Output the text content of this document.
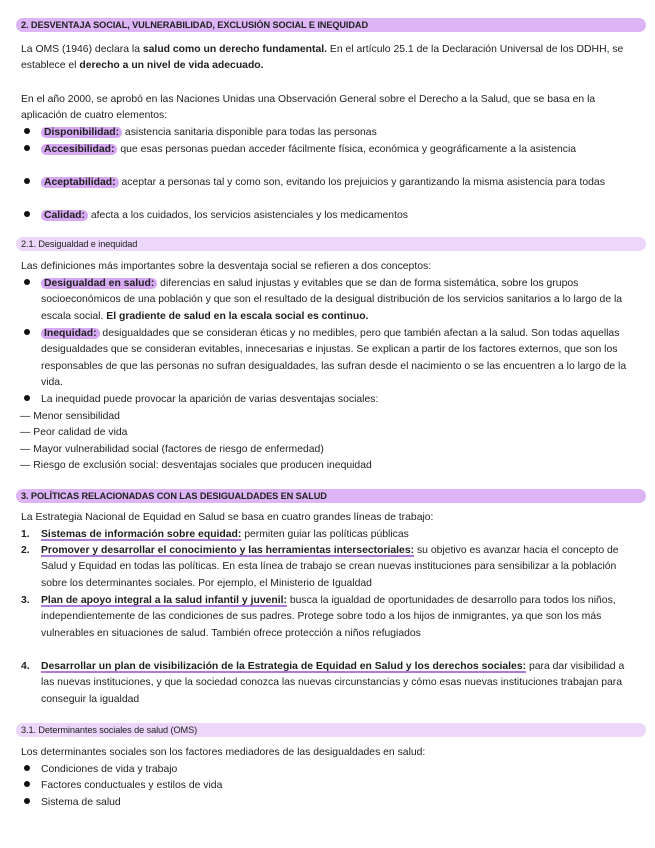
2. DESVENTAJA SOCIAL, VULNERABILIDAD, EXCLUSIÓN SOCIAL E INEQUIDAD
La OMS (1946) declara la salud como un derecho fundamental. En el artículo 25.1 de la Declaración Universal de los DDHH, se establece el derecho a un nivel de vida adecuado.
En el año 2000, se aprobó en las Naciones Unidas una Observación General sobre el Derecho a la Salud, que se basa en la aplicación de cuatro elementos:
Disponibilidad: asistencia sanitaria disponible para todas las personas
Accesibilidad: que esas personas puedan acceder fácilmente física, económica y geográficamente a la asistencia
Aceptabilidad: aceptar a personas tal y como son, evitando los prejuicios y garantizando la misma asistencia para todas
Calidad: afecta a los cuidados, los servicios asistenciales y los medicamentos
2.1. Desigualdad e inequidad
Las definiciones más importantes sobre la desventaja social se refieren a dos conceptos:
Desigualdad en salud: diferencias en salud injustas y evitables que se dan de forma sistemática, sobre los grupos socioeconómicos de una población y que son el resultado de la desigual distribución de los servicios sanitarios a lo largo de la escala social. El gradiente de salud en la escala social es continuo.
Inequidad: desigualdades que se consideran éticas y no medibles, pero que también afectan a la salud. Son todas aquellas desigualdades que se consideran evitables, innecesarias e injustas. Se explican a partir de los factores externos, que son los responsables de que las personas no sufran desigualdades, las sufran desde el nacimiento o se las encuentren a lo largo de la vida.
La inequidad puede provocar la aparición de varias desventajas sociales:
— Menor sensibilidad
— Peor calidad de vida
— Mayor vulnerabilidad social (factores de riesgo de enfermedad)
— Riesgo de exclusión social: desventajas sociales que producen inequidad
3. POLÍTICAS RELACIONADAS CON LAS DESIGUALDADES EN SALUD
La Estrategia Nacional de Equidad en Salud se basa en cuatro grandes líneas de trabajo:
1.	Sistemas de información sobre equidad: permiten guiar las políticas públicas
2.	Promover y desarrollar el conocimiento y las herramientas intersectoriales: su objetivo es avanzar hacia el concepto de Salud y Equidad en todas las políticas. En esta línea de trabajo se crean nuevas instituciones para sensibilizar a la población sobre los determinantes sociales. Por ejemplo, el Ministerio de Igualdad
3.	Plan de apoyo integral a la salud infantil y juvenil: busca la igualdad de oportunidades de desarrollo para todos los niños, independientemente de las condiciones de sus padres. Protege sobre todo a los hijos de inmigrantes, ya que son los más vulnerables en situaciones de salud. También ofrece protección a niños refugiados
4.	Desarrollar un plan de visibilización de la Estrategia de Equidad en Salud y los derechos sociales: para dar visibilidad a las nuevas instituciones, y que la sociedad conozca las nuevas circunstancias y cómo esas nuevas instituciones trabajan para conseguir la igualdad
3.1. Determinantes sociales de salud (OMS)
Los determinantes sociales son los factores mediadores de las desigualdades en salud:
Condiciones de vida y trabajo
Factores conductuales y estilos de vida
Sistema de salud
